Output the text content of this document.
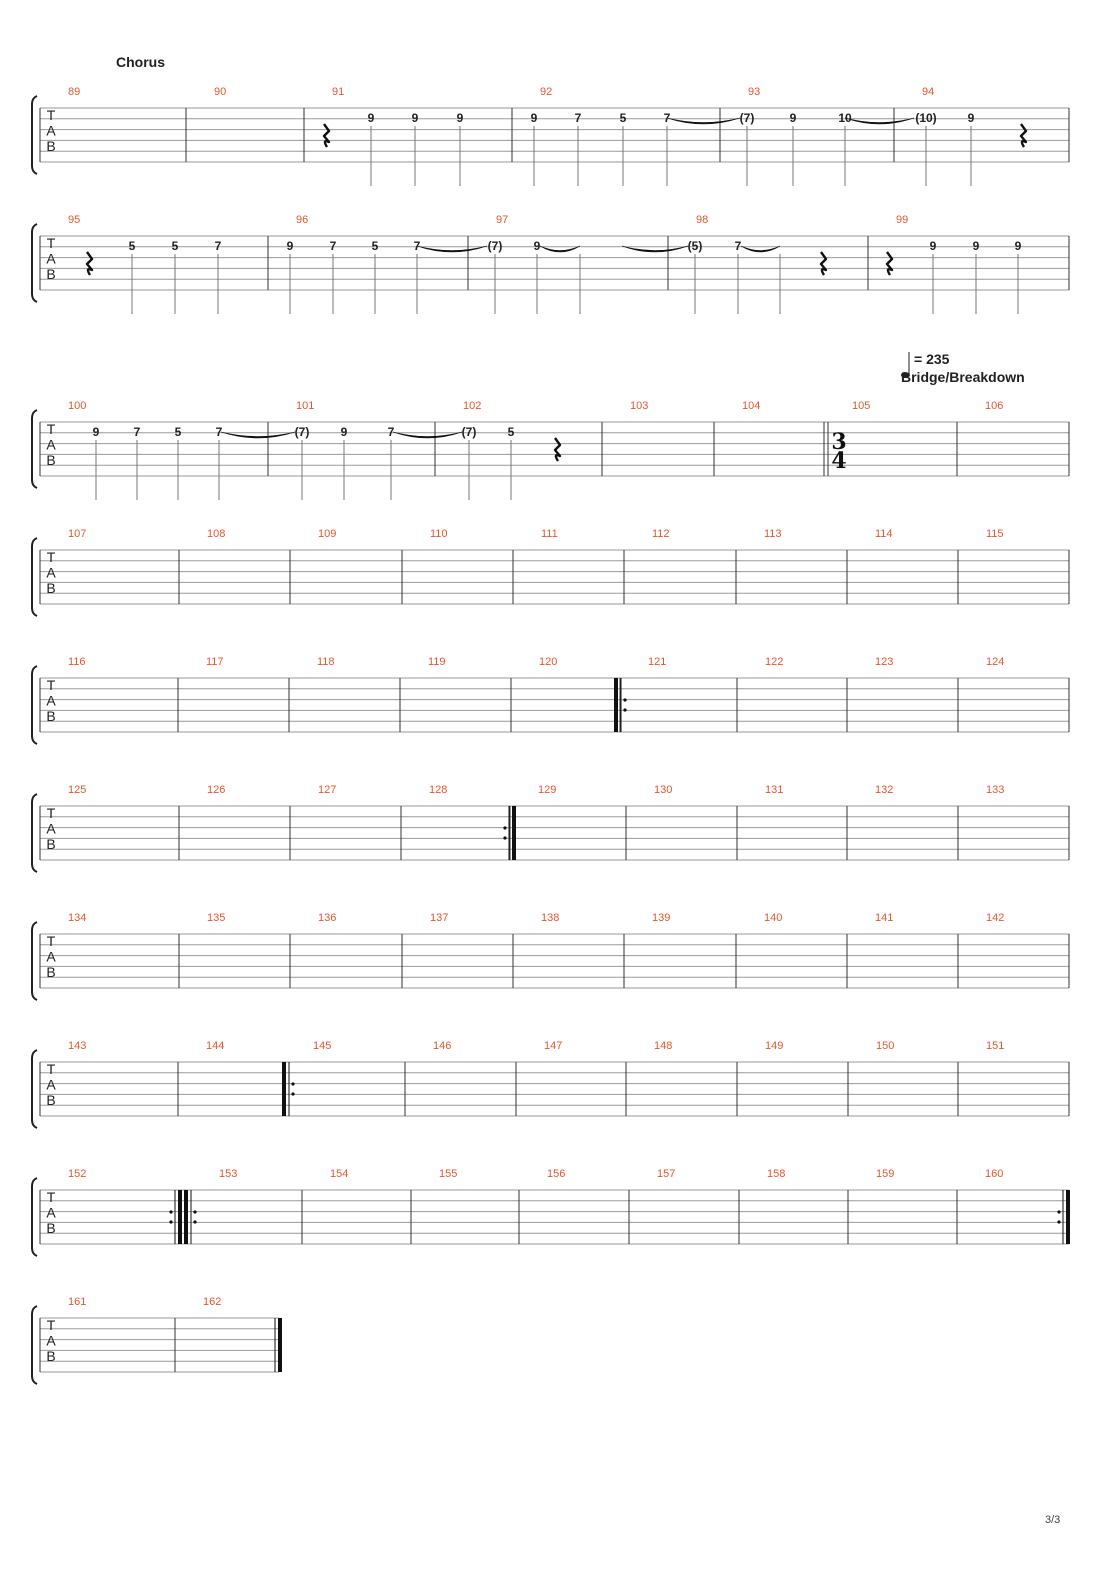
Chorus
3/3
T
A
B
89	90	91	92	93	94
9	9	9	9	7	5	7	(7)	9	10	(10)	9
T
A
B
95	96	97	98	99
5	5	7	9	7	5	7	(7)	9	(5)	7	9	9	9
T
A
B
100	101	102	103	104	105	106
9	7	5	7	(7)	9	7	(7)	5
T
A
B
107	108	109	110	111	112	113	114	115
T
A
B
116	117	118	119	120	121	122	123	124
T
A
B
125	126	127	128	129	130	131	132	133
T
A
B
134	135	136	137	138	139	140	141	142
T
A
B
143	144	145	146	147	148	149	150	151
T
A
B
152	153	154	155	156	157	158	159	160
T
A
B
161	162
= 235
Bridge/Breakdown
3
4
